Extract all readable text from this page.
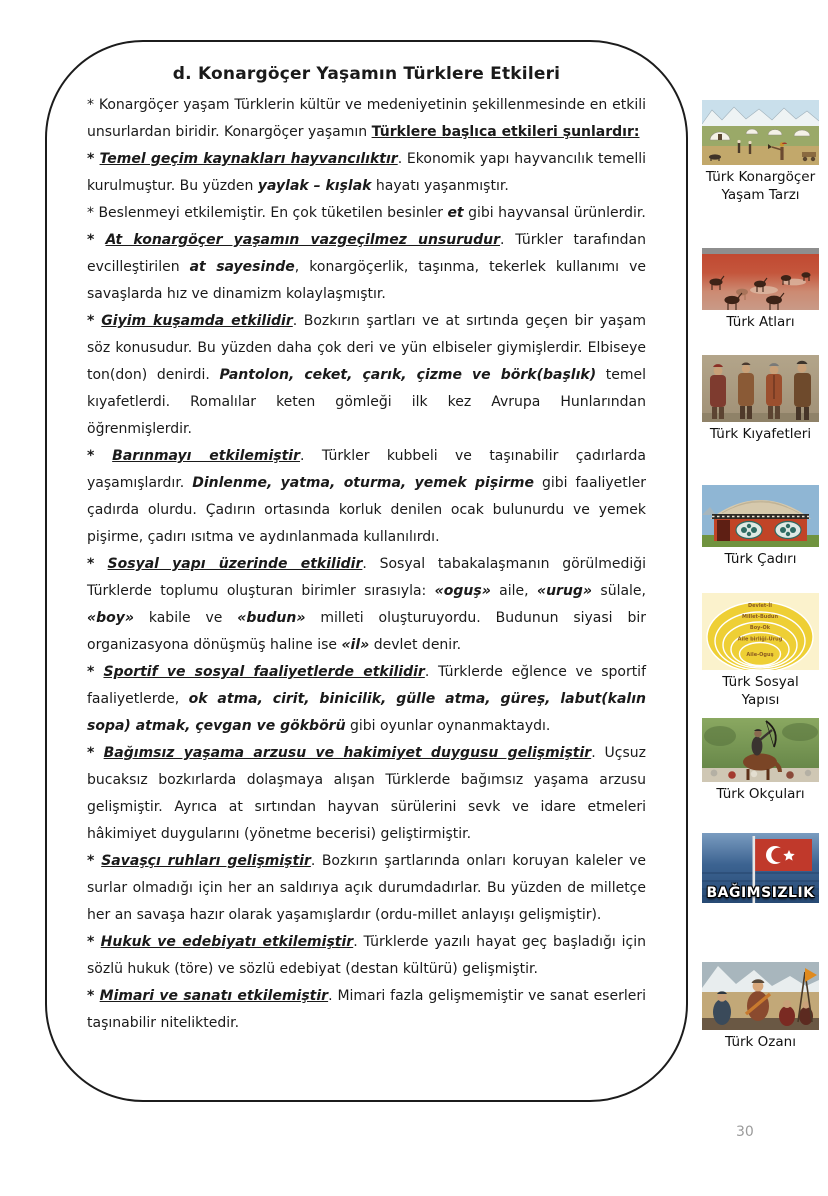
d. Konargöçer Yaşamın Türklere Etkileri

* Konargöçer yaşam Türklerin kültür ve medeniyetinin şekillenmesinde en etkili unsurlardan biridir. Konargöçer yaşamın Türklere başlıca etkileri şunlardır:

* Temel geçim kaynakları hayvancılıktır. Ekonomik yapı hayvancılık temelli kurulmuştur. Bu yüzden yaylak – kışlak hayatı yaşanmıştır.

* Beslenmeyi etkilemiştir. En çok tüketilen besinler et gibi hayvansal ürünlerdir.

* At konargöçer yaşamın vazgeçilmez unsurudur. Türkler tarafından evcilleştirilen at sayesinde, konargöçerlik, taşınma, tekerlek kullanımı ve savaşlarda hız ve dinamizm kolaylaşmıştır.

* Giyim kuşamda etkilidir. Bozkırın şartları ve at sırtında geçen bir yaşam söz konusudur. Bu yüzden daha çok deri ve yün elbiseler giymişlerdir. Elbiseye ton(don) denirdi. Pantolon, ceket, çarık, çizme ve börk(başlık) temel kıyafetlerdi. Romalılar keten gömleği ilk kez Avrupa Hunlarından öğrenmişlerdir.

* Barınmayı etkilemiştir. Türkler kubbeli ve taşınabilir çadırlarda yaşamışlardır. Dinlenme, yatma, oturma, yemek pişirme gibi faaliyetler çadırda olurdu. Çadırın ortasında korluk denilen ocak bulunurdu ve yemek pişirme, çadırı ısıtma ve aydınlanmada kullanılırdı.

* Sosyal yapı üzerinde etkilidir. Sosyal tabakalaşmanın görülmediği Türklerde toplumu oluşturan birimler sırasıyla: «oguş» aile, «urug» sülale, «boy» kabile ve «budun» milleti oluşturuyordu. Budunun siyasi bir organizasyona dönüşmüş haline ise «il» devlet denir.

* Sportif ve sosyal faaliyetlerde etkilidir. Türklerde eğlence ve sportif faaliyetlerde, ok atma, cirit, binicilik, gülle atma, güreş, labut(kalın sopa) atmak, çevgan ve gökbörü gibi oyunlar oynanmaktaydı.

* Bağımsız yaşama arzusu ve hakimiyet duygusu gelişmiştir. Uçsuz bucaksız bozkırlarda dolaşmaya alışan Türklerde bağımsız yaşama arzusu gelişmiştir. Ayrıca at sırtından hayvan sürülerini sevk ve idare etmeleri hâkimiyet duygularını (yönetme becerisi) geliştirmiştir.

* Savaşçı ruhları gelişmiştir. Bozkırın şartlarında onları koruyan kaleler ve surlar olmadığı için her an saldırıya açık durumdadırlar. Bu yüzden de milletçe her an savaşa hazır olarak yaşamışlardır (ordu-millet anlayışı gelişmiştir).

* Hukuk ve edebiyatı etkilemiştir. Türklerde yazılı hayat geç başladığı için sözlü hukuk (töre) ve sözlü edebiyat (destan kültürü) gelişmiştir.

* Mimari ve sanatı etkilemiştir. Mimari fazla gelişmemiştir ve sanat eserleri taşınabilir niteliktedir.

Türk Konargöçer Yaşam Tarzı
Türk Atları
Türk Kıyafetleri
Türk Çadırı
Devlet-İl
Millet-Budun
Boy-Ok
Aile birliği-Urug
Aile-Oguş
Türk Sosyal Yapısı
Türk Okçuları
BAĞIMSIZLIK
Türk Ozanı
30
